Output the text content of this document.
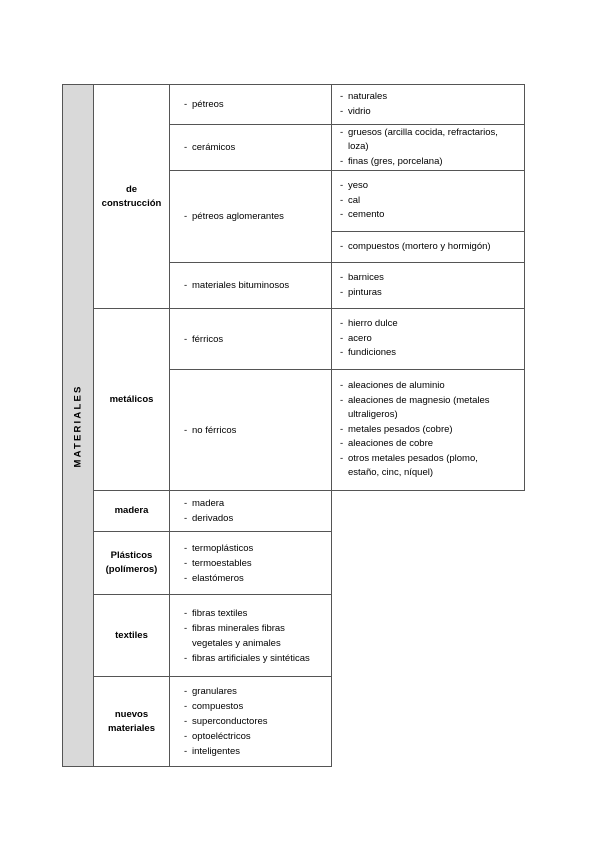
MATERIALES
de
construcción
metálicos
madera
Plásticos
(polímeros)
textiles
nuevos
materiales
- pétreos
- cerámicos
- pétreos aglomerantes
- materiales bituminosos
- férricos
- no férricos
- madera
- derivados
- termoplásticos
- termoestables
- elastómeros
- fibras textiles
- fibras minerales fibras
vegetales y animales
- fibras artificiales y sintéticas
- granulares
- compuestos
- superconductores
- optoeléctricos
- inteligentes
- naturales
- vidrio
- gruesos (arcilla cocida, refractarios,
loza)
- finas (gres, porcelana)
- yeso
- cal
- cemento
- compuestos (mortero y hormigón)
- barnices
- pinturas
- hierro dulce
- acero
- fundiciones
- aleaciones de aluminio
- aleaciones de magnesio (metales
ultraligeros)
- metales pesados (cobre)
- aleaciones de cobre
- otros metales pesados (plomo,
estaño, cinc, níquel)
